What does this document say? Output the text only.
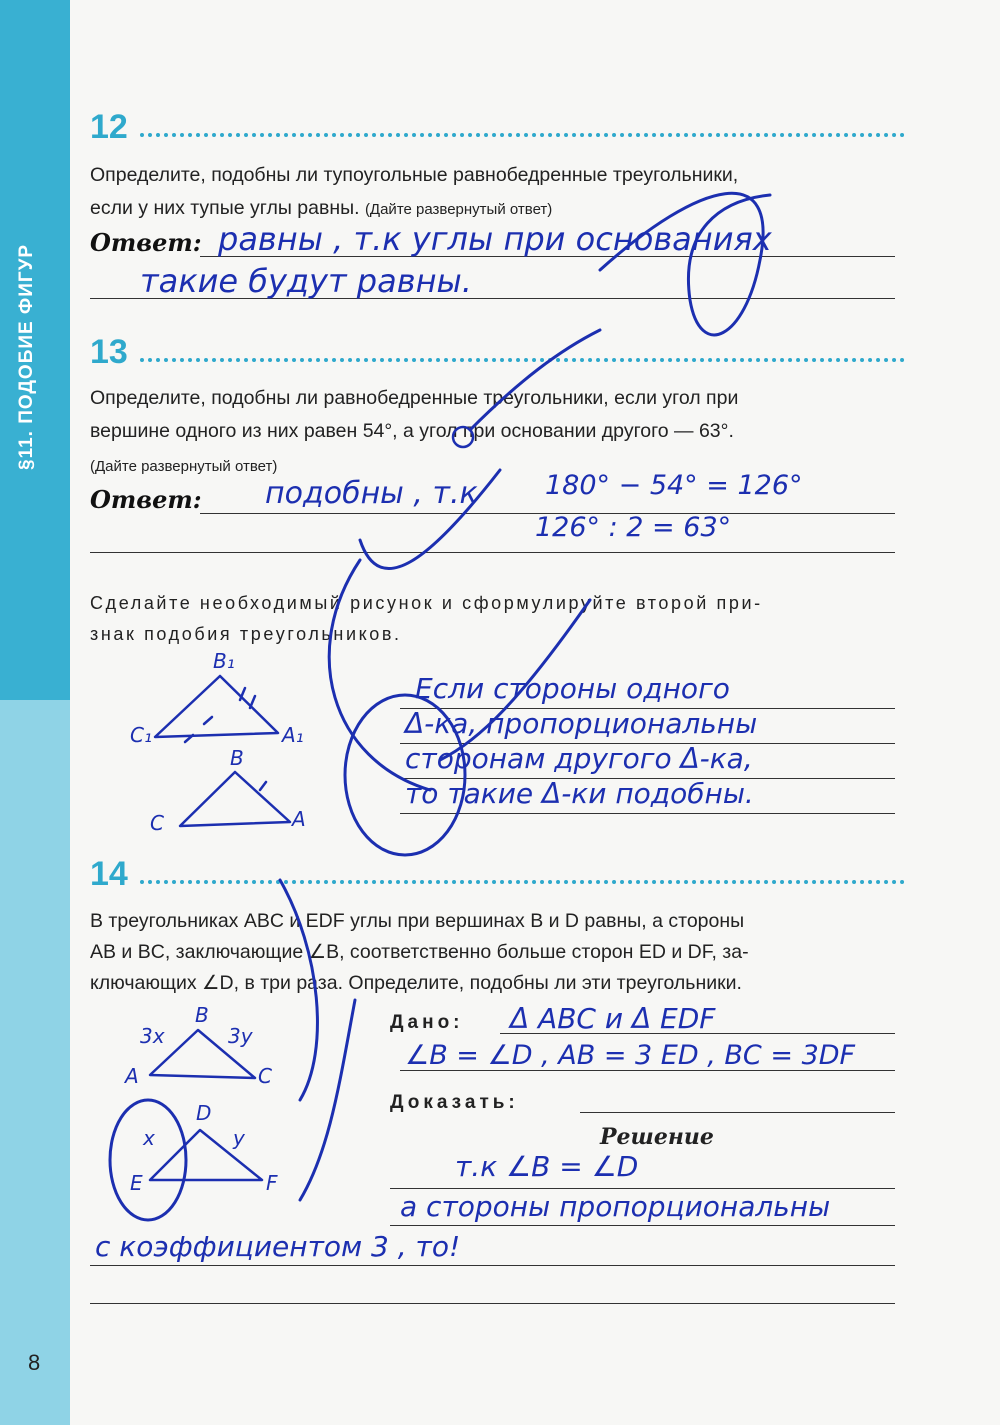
§11. ПОДОБИЕ ФИГУР
12
Определите, подобны ли тупоугольные равнобедренные треугольники,
если у них тупые углы равны. (Дайте развернутый ответ)
Ответ: равны , т.к углы при основаниях
такие будут равны.
13
Определите, подобны ли равнобедренные треугольники, если угол при
вершине одного из них равен 54°, а угол при основании другого — 63°.
(Дайте развернутый ответ)
Ответ: подобны , т.к 180° − 54° = 126°
126° : 2 = 63°
Сделайте необходимый рисунок и сформулируйте второй при-
знак подобия треугольников.
Если стороны одного
Δ-ка, пропорциональны
сторонам другого Δ-ка,
то такие Δ-ки подобны.
14
В треугольниках ABC и EDF углы при вершинах B и D равны, а стороны
AB и BC, заключающие ∠B, соответственно больше сторон ED и DF, за-
ключающих ∠D, в три раза. Определите, подобны ли эти треугольники.
Дано: Δ ABC и Δ EDF
∠B = ∠D , AB = 3 ED , BC = 3DF
Доказать:
Решение
т.к ∠B = ∠D
а стороны пропорциональны
с коэффициентом 3 , то!
8
B₁
C₁	A₁
B
C	A
B
3x	3y
A	C
D
x	y
E	F
